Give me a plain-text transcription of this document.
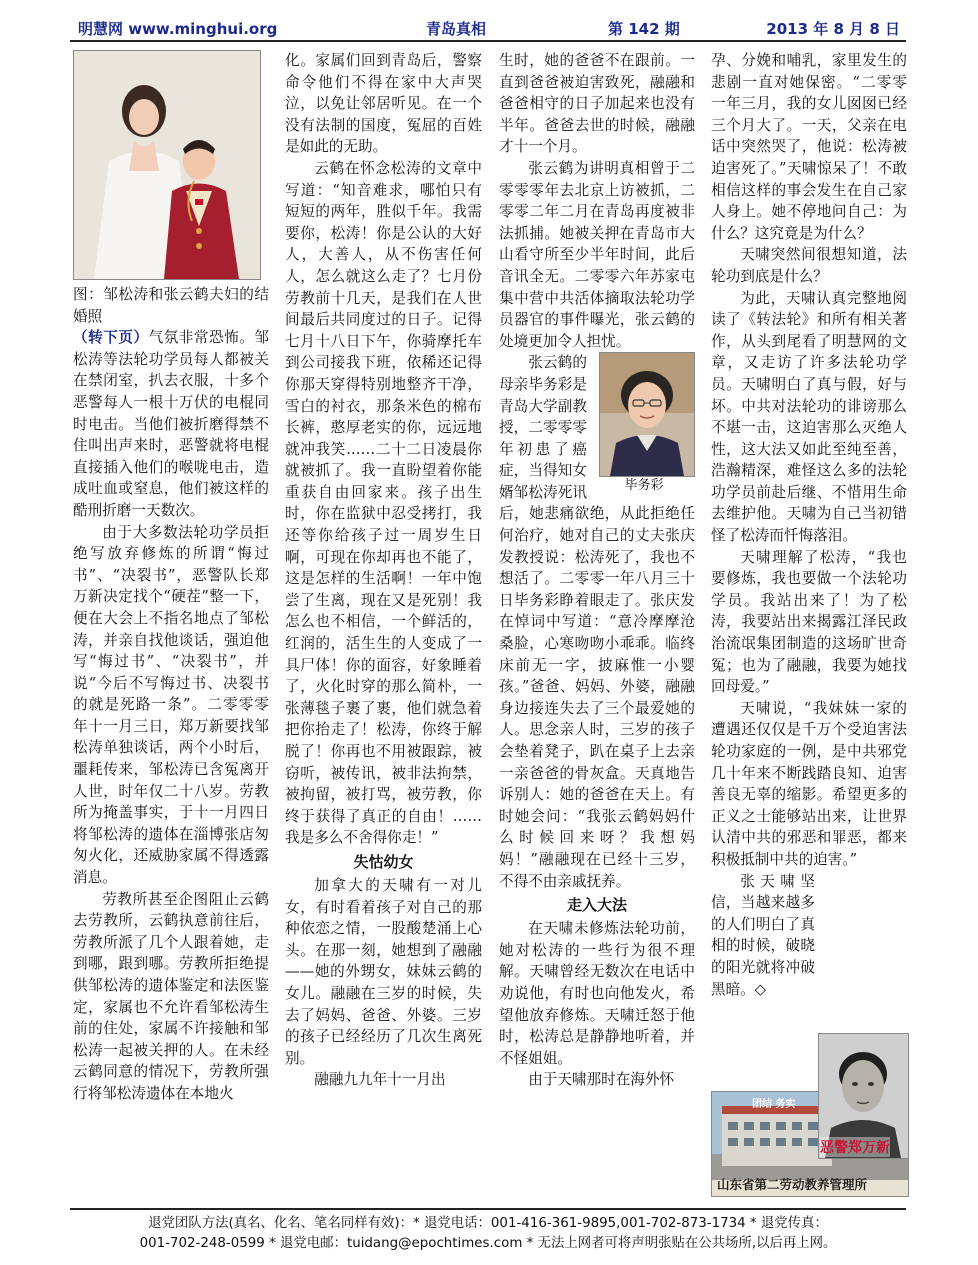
明慧网 www.minghui.org	青岛真相	第 142 期	2013 年 8 月 8 日

图：邹松涛和张云鹤夫妇的结婚照

（转下页）气氛非常恐怖。邹松涛等法轮功学员每人都被关在禁闭室，扒去衣服，十多个恶警每人一根十万伏的电棍同时电击。当他们被折磨得禁不住叫出声来时，恶警就将电棍直接插入他们的喉咙电击，造成吐血或窒息，他们被这样的酷刑折磨一天数次。

由于大多数法轮功学员拒绝写放弃修炼的所谓“悔过书”、“决裂书”，恶警队长郑万新决定找个“硬茬”整一下，便在大会上不指名地点了邹松涛，并亲自找他谈话，强迫他写“悔过书”、“决裂书”，并说“今后不写悔过书、决裂书的就是死路一条”。二零零零年十一月三日，郑万新要找邹松涛单独谈话，两个小时后，噩耗传来，邹松涛已含冤离开人世，时年仅二十八岁。劳教所为掩盖事实，于十一月四日将邹松涛的遗体在淄博张店匆匆火化，还威胁家属不得透露消息。

劳教所甚至企图阻止云鹤去劳教所，云鹤执意前往后，劳教所派了几个人跟着她，走到哪，跟到哪。劳教所拒绝提供邹松涛的遗体鉴定和法医鉴定，家属也不允许看邹松涛生前的住处，家属不许接触和邹松涛一起被关押的人。在未经云鹤同意的情况下，劳教所强行将邹松涛遗体在本地火

化。家属们回到青岛后，警察命令他们不得在家中大声哭泣，以免让邻居听见。在一个没有法制的国度，冤屈的百姓是如此的无助。

云鹤在怀念松涛的文章中写道：“知音难求，哪怕只有短短的两年，胜似千年。我需要你，松涛！你是公认的大好人，大善人，从不伤害任何人，怎么就这么走了？七月份劳教前十几天，是我们在人世间最后共同度过的日子。记得七月十八日下午，你骑摩托车到公司接我下班，依稀还记得你那天穿得特别地整齐干净，雪白的衬衣，那条米色的棉布长裤，憨厚老实的你，远远地就冲我笑……二十二日凌晨你就被抓了。我一直盼望着你能重获自由回家来。孩子出生时，你在监狱中忍受拷打，我还等你给孩子过一周岁生日啊，可现在你却再也不能了，这是怎样的生活啊！一年中饱尝了生离，现在又是死别！我怎么也不相信，一个鲜活的，红润的，活生生的人变成了一具尸体！你的面容，好象睡着了，火化时穿的那么简朴，一张薄毯子裹了裹，他们就急着把你抬走了！松涛，你终于解脱了！你再也不用被跟踪，被窃听，被传讯，被非法拘禁，被拘留，被打骂，被劳教，你终于获得了真正的自由！……我是多么不舍得你走！”

失怙幼女

加拿大的天啸有一对儿女，有时看着孩子对自己的那种依恋之情，一股酸楚涌上心头。在那一刻，她想到了融融——她的外甥女，妹妹云鹤的女儿。融融在三岁的时候，失去了妈妈、爸爸、外婆。三岁的孩子已经经历了几次生离死别。

融融九九年十一月出

生时，她的爸爸不在跟前。一直到爸爸被迫害致死，融融和爸爸相守的日子加起来也没有半年。爸爸去世的时候，融融才十一个月。

张云鹤为讲明真相曾于二零零零年去北京上访被抓，二零零二年二月在青岛再度被非法抓捕。她被关押在青岛市大山看守所至少半年时间，此后音讯全无。二零零六年苏家屯集中营中共活体摘取法轮功学员器官的事件曝光，张云鹤的处境更加令人担忧。

毕务彩

张云鹤的母亲毕务彩是青岛大学副教授，二零零零年初患了癌症，当得知女婿邹松涛死讯后，她悲痛欲绝，从此拒绝任何治疗，她对自己的丈夫张庆发教授说：松涛死了，我也不想活了。二零零一年八月三十日毕务彩睁着眼走了。张庆发在悼词中写道：“意冷摩摩沧桑脸，心寒吻吻小乖乖。临终床前无一字，披麻惟一小婴孩。”爸爸、妈妈、外婆，融融身边接连失去了三个最爱她的人。思念亲人时，三岁的孩子会垫着凳子，趴在桌子上去亲一亲爸爸的骨灰盒。天真地告诉别人：她的爸爸在天上。有时她会问：“我张云鹤妈妈什么时候回来呀？我想妈妈！”融融现在已经十三岁，不得不由亲戚抚养。

走入大法

在天啸未修炼法轮功前，她对松涛的一些行为很不理解。天啸曾经无数次在电话中劝说他，有时也向他发火，希望他放弃修炼。天啸迁怒于他时，松涛总是静静地听着，并不怪姐姐。

由于天啸那时在海外怀

孕、分娩和哺乳，家里发生的悲剧一直对她保密。“二零零一年三月，我的女儿囡囡已经三个月大了。一天，父亲在电话中突然哭了，他说：松涛被迫害死了。”天啸惊呆了！不敢相信这样的事会发生在自己家人身上。她不停地问自己：为什么？这究竟是为什么？

天啸突然间很想知道，法轮功到底是什么？

为此，天啸认真完整地阅读了《转法轮》和所有相关著作，从头到尾看了明慧网的文章，又走访了许多法轮功学员。天啸明白了真与假，好与坏。中共对法轮功的诽谤那么不堪一击，这迫害那么灭绝人性，这大法又如此至纯至善，浩瀚精深，难怪这么多的法轮功学员前赴后继、不惜用生命去维护他。天啸为自己当初错怪了松涛而忏悔落泪。

天啸理解了松涛，“我也要修炼，我也要做一个法轮功学员。我站出来了！为了松涛，我要站出来揭露江泽民政治流氓集团制造的这场旷世奇冤；也为了融融，我要为她找回母爱。”

天啸说，“我妹妹一家的遭遇还仅仅是千万个受迫害法轮功家庭的一例，是中共邪党几十年来不断践踏良知、迫害善良无辜的缩影。希望更多的正义之士能够站出来，让世界认清中共的邪恶和罪恶，都来积极抵制中共的迫害。”

张天啸坚信，当越来越多的人们明白了真相的时候，破晓的阳光就将冲破黑暗。◇

团结 务实
山东省第二劳动教养管理所
恶警郑万新
退党团队方法(真名、化名、笔名同样有效)：* 退党电话：001-416-361-9895,001-702-873-1734 * 退党传真：
001-702-248-0599 * 退党电邮：tuidang@epochtimes.com * 无法上网者可将声明张贴在公共场所,以后再上网。
